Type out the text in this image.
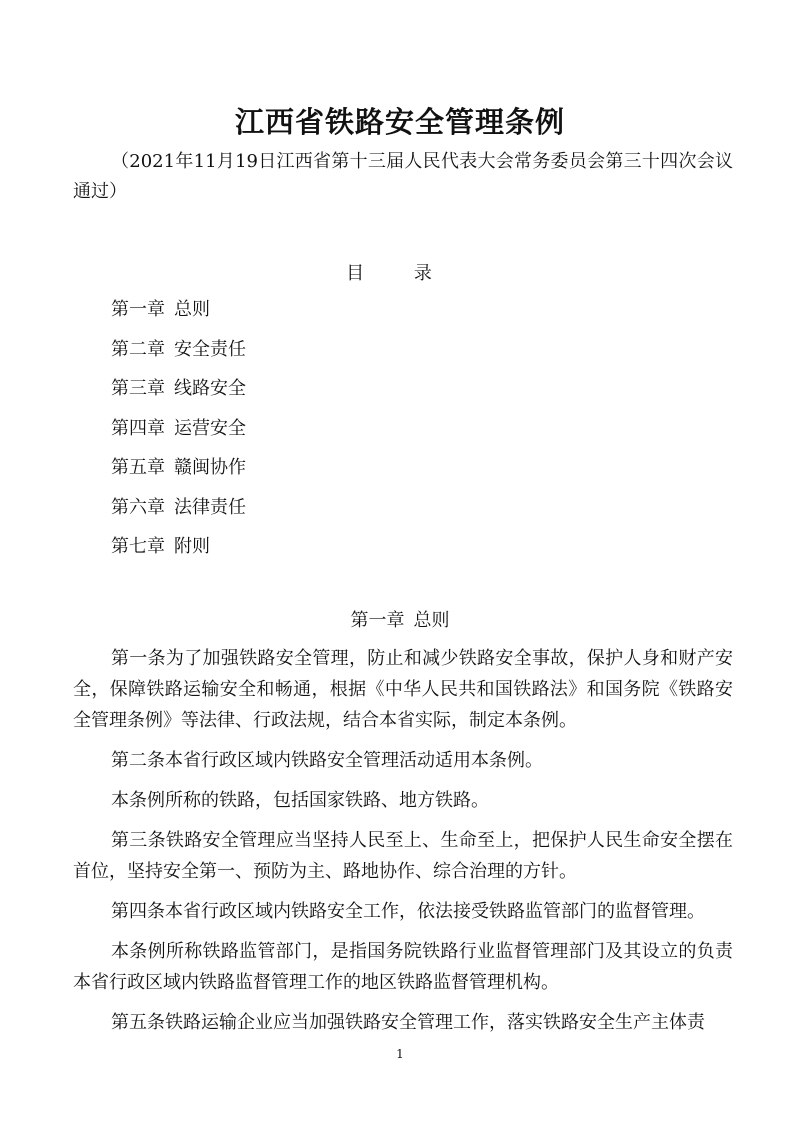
江西省铁路安全管理条例

（2021年11月19日江西省第十三届人民代表大会常务委员会第三十四次会议通过）

目 录
第一章 总则
第二章 安全责任
第三章 线路安全
第四章 运营安全
第五章 赣闽协作
第六章 法律责任
第七章 附则
第一章 总则

第一条为了加强铁路安全管理，防止和减少铁路安全事故，保护人身和财产安全，保障铁路运输安全和畅通，根据《中华人民共和国铁路法》和国务院《铁路安全管理条例》等法律、行政法规，结合本省实际，制定本条例。

第二条本省行政区域内铁路安全管理活动适用本条例。

本条例所称的铁路，包括国家铁路、地方铁路。

第三条铁路安全管理应当坚持人民至上、生命至上，把保护人民生命安全摆在首位，坚持安全第一、预防为主、路地协作、综合治理的方针。

第四条本省行政区域内铁路安全工作，依法接受铁路监管部门的监督管理。

本条例所称铁路监管部门，是指国务院铁路行业监督管理部门及其设立的负责本省行政区域内铁路监督管理工作的地区铁路监督管理机构。

第五条铁路运输企业应当加强铁路安全管理工作，落实铁路安全生产主体责

1
